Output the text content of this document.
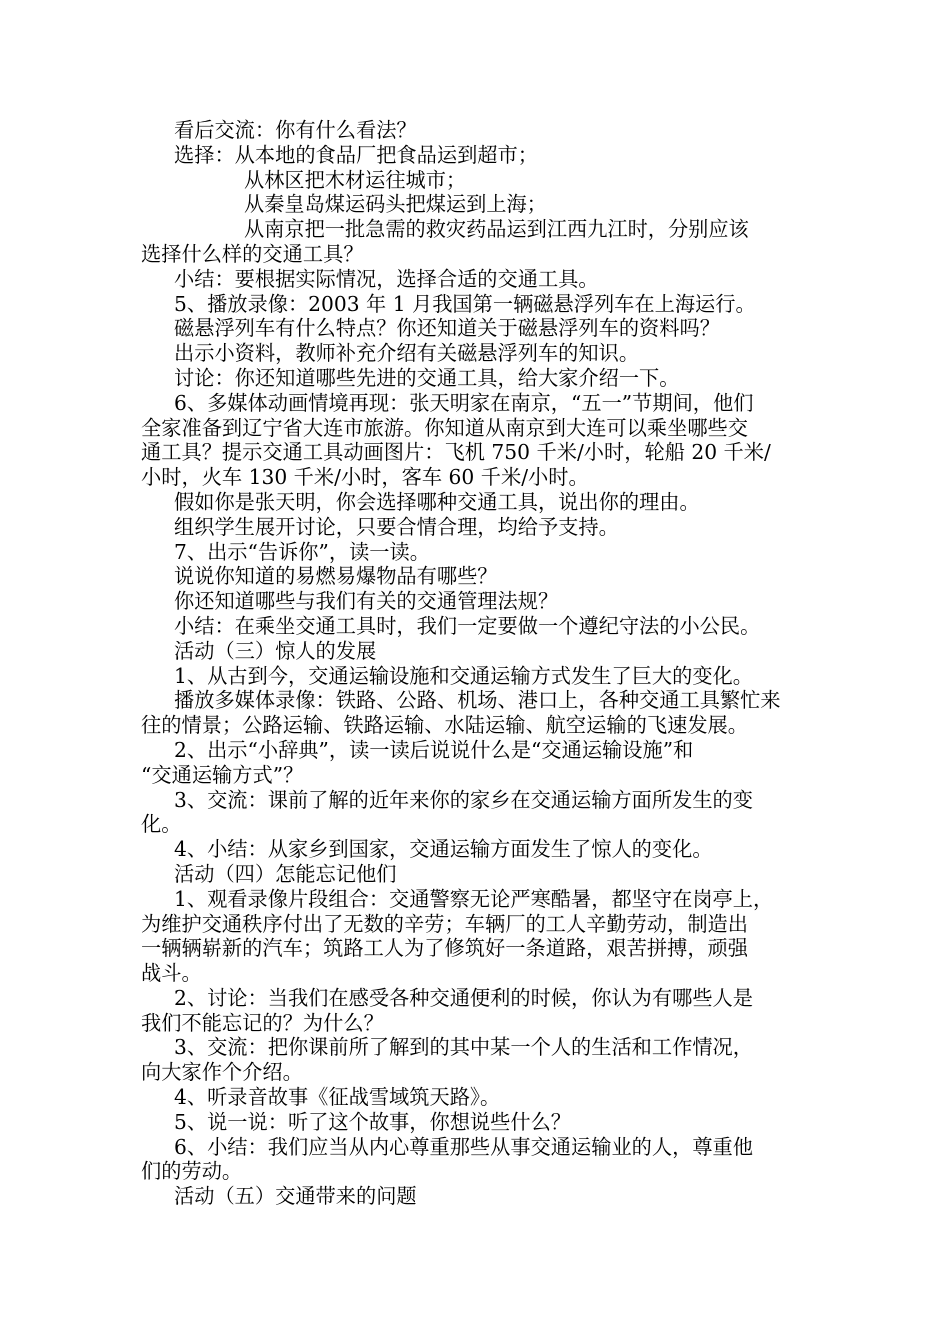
看后交流：你有什么看法？

选择：从本地的食品厂把食品运到超市；

从林区把木材运往城市；

从秦皇岛煤运码头把煤运到上海；

从南京把一批急需的救灾药品运到江西九江时，分别应该

选择什么样的交通工具？

小结：要根据实际情况，选择合适的交通工具。

5、播放录像：2003 年 1 月我国第一辆磁悬浮列车在上海运行。

磁悬浮列车有什么特点？你还知道关于磁悬浮列车的资料吗？

出示小资料，教师补充介绍有关磁悬浮列车的知识。

讨论：你还知道哪些先进的交通工具，给大家介绍一下。

6、多媒体动画情境再现：张天明家在南京，“五一”节期间，他们

全家准备到辽宁省大连市旅游。你知道从南京到大连可以乘坐哪些交

通工具？提示交通工具动画图片：飞机 750 千米/小时，轮船 20 千米/

小时，火车 130 千米/小时，客车 60 千米/小时。

假如你是张天明，你会选择哪种交通工具，说出你的理由。

组织学生展开讨论，只要合情合理，均给予支持。

7、出示“告诉你”，读一读。

说说你知道的易燃易爆物品有哪些？

你还知道哪些与我们有关的交通管理法规？

小结：在乘坐交通工具时，我们一定要做一个遵纪守法的小公民。

活动（三）惊人的发展

1、从古到今，交通运输设施和交通运输方式发生了巨大的变化。

播放多媒体录像：铁路、公路、机场、港口上，各种交通工具繁忙来

往的情景；公路运输、铁路运输、水陆运输、航空运输的飞速发展。

2、出示“小辞典”，读一读后说说什么是“交通运输设施”和

“交通运输方式”？

3、交流：课前了解的近年来你的家乡在交通运输方面所发生的变

化。

4、小结：从家乡到国家，交通运输方面发生了惊人的变化。

活动（四）怎能忘记他们

1、观看录像片段组合：交通警察无论严寒酷暑，都坚守在岗亭上，

为维护交通秩序付出了无数的辛劳；车辆厂的工人辛勤劳动，制造出

一辆辆崭新的汽车；筑路工人为了修筑好一条道路，艰苦拼搏，顽强

战斗。

2、讨论：当我们在感受各种交通便利的时候，你认为有哪些人是

我们不能忘记的？为什么？

3、交流：把你课前所了解到的其中某一个人的生活和工作情况，

向大家作个介绍。

4、听录音故事《征战雪域筑天路》。

5、说一说：听了这个故事，你想说些什么？

6、小结：我们应当从内心尊重那些从事交通运输业的人，尊重他

们的劳动。

活动（五）交通带来的问题
